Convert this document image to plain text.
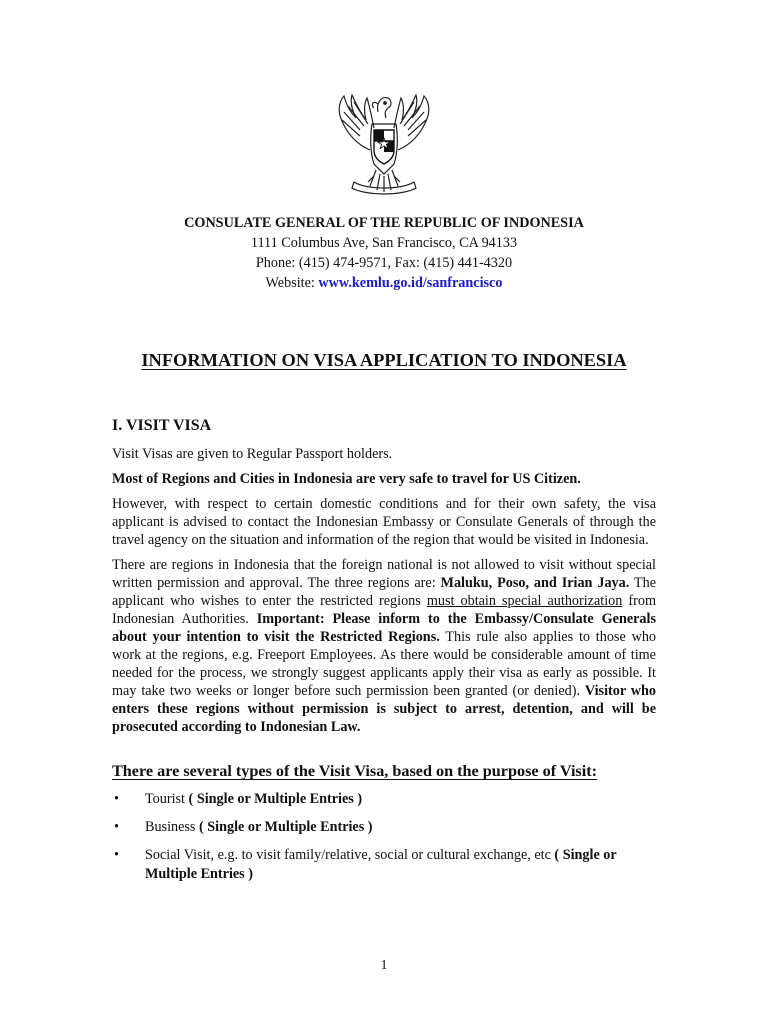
CONSULATE GENERAL OF THE REPUBLIC OF INDONESIA
1111 Columbus Ave, San Francisco, CA 94133
Phone: (415) 474-9571, Fax: (415) 441-4320
Website: www.kemlu.go.id/sanfrancisco
INFORMATION ON VISA APPLICATION TO INDONESIA
I. VISIT VISA

Visit Visas are given to Regular Passport holders.

Most of Regions and Cities in Indonesia are very safe to travel for US Citizen.

However, with respect to certain domestic conditions and for their own safety, the visa applicant is advised to contact the Indonesian Embassy or Consulate Generals of through the travel agency on the situation and information of the region that would be visited in Indonesia.

There are regions in Indonesia that the foreign national is not allowed to visit without special written permission and approval. The three regions are: Maluku, Poso, and Irian Jaya. The applicant who wishes to enter the restricted regions must obtain special authorization from Indonesian Authorities. Important: Please inform to the Embassy/Consulate Generals about your intention to visit the Restricted Regions. This rule also applies to those who work at the regions, e.g. Freeport Employees. As there would be considerable amount of time needed for the process, we strongly suggest applicants apply their visa as early as possible. It may take two weeks or longer before such permission been granted (or denied). Visitor who enters these regions without permission is subject to arrest, detention, and will be prosecuted according to Indonesian Law.

There are several types of the Visit Visa, based on the purpose of Visit:
• Tourist ( Single or Multiple Entries )
• Business ( Single or Multiple Entries )
• Social Visit, e.g. to visit family/relative, social or cultural exchange, etc ( Single or Multiple Entries )
1
